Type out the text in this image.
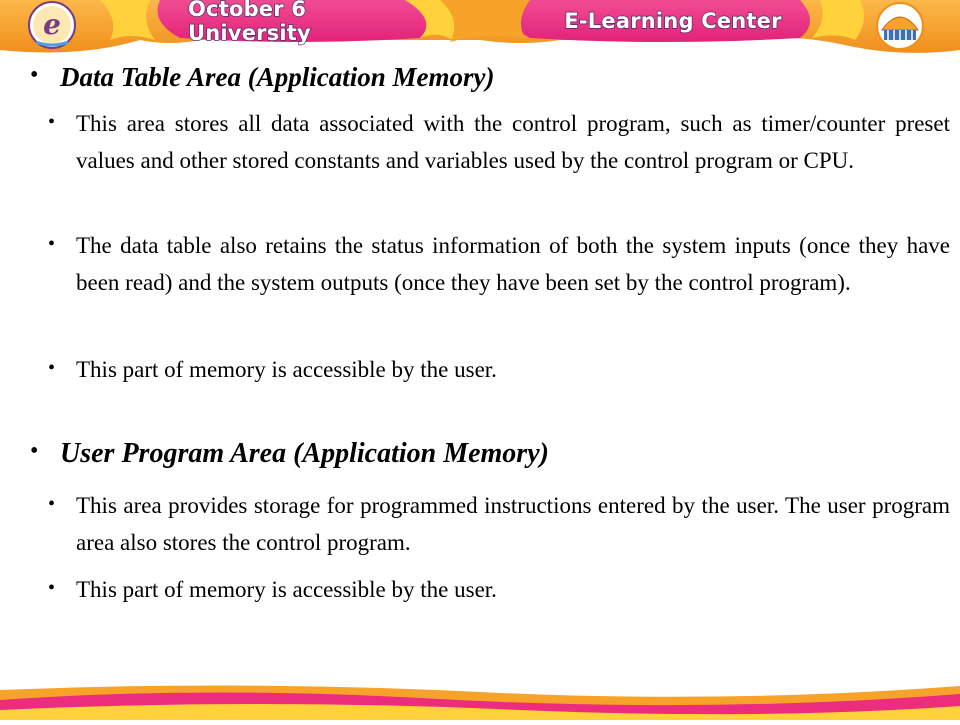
e	October 6 University	E-Learning Center
• Data Table Area (Application Memory)
• This area stores all data associated with the control program, such as timer/counter preset values and other stored constants and variables used by the control program or CPU.
• The data table also retains the status information of both the system inputs (once they have been read) and the system outputs (once they have been set by the control program).
• This part of memory is accessible by the user.
• User Program Area (Application Memory)
• This area provides storage for programmed instructions entered by the user. The user program area also stores the control program.
• This part of memory is accessible by the user.
